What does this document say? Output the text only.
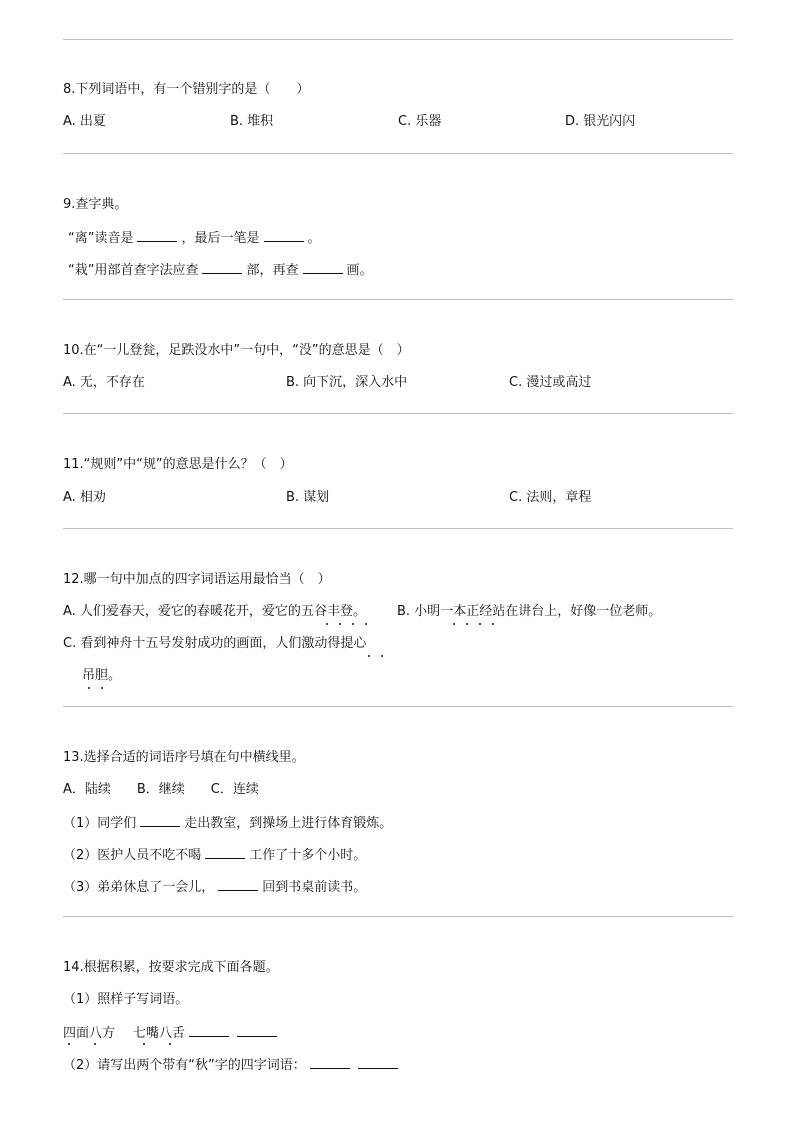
8.下列词语中，有一个错别字的是（　　）
A. 出夏	B. 堆积	C. 乐器	D. 银光闪闪
9.查字典。
“离”读音是	，最后一笔是	。
“栽”用部首查字法应查	部，再查	画。
10.在“一儿登瓮，足跌没水中”一句中，“没”的意思是（　）
A. 无，不存在	B. 向下沉，深入水中	C. 漫过或高过
11.“规则”中“规”的意思是什么？（　）
A. 相劝	B. 谋划	C. 法则，章程
12.哪一句中加点的四字词语运用最恰当（　）
A. 人们爱春天，爱它的春暖花开，爱它的五谷丰登。 B. 小明一本正经站在讲台上，好像一位老师。
C. 看到神舟十五号发射成功的画面，人们激动得提心
吊胆。
13.选择合适的词语序号填在句中横线里。
A．陆续　　B．继续　　C．连续
（1）同学们	走出教室，到操场上进行体育锻炼。
（2）医护人员不吃不喝	工作了十多个小时。
（3）弟弟休息了一会儿，	回到书桌前读书。
14.根据积累，按要求完成下面各题。
（1）照样子写词语。
四面八方 七嘴八舌
（2）请写出两个带有“秋”字的四字词语：
